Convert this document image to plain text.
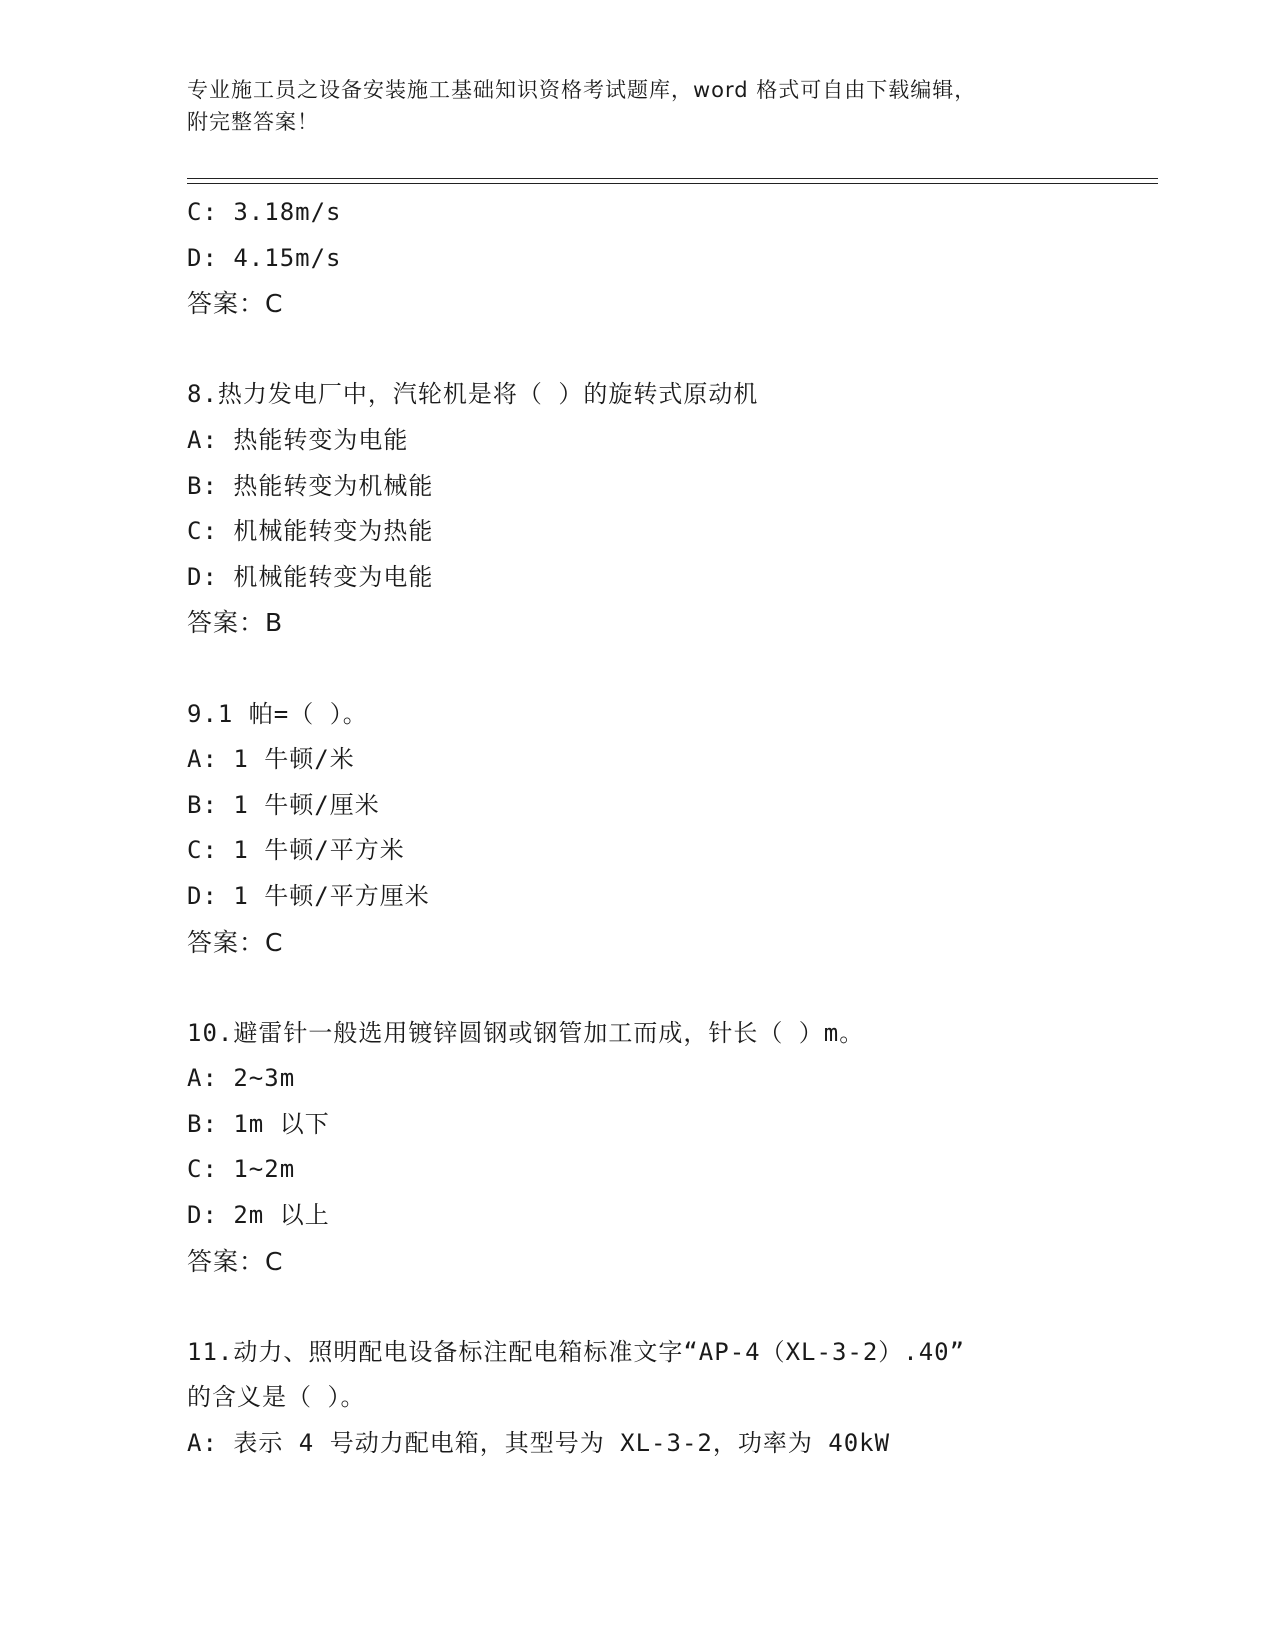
专业施工员之设备安装施工基础知识资格考试题库，word 格式可自由下载编辑，
附完整答案！
C: 3.18m/s
D: 4.15m/s
答案：C
8.热力发电厂中，汽轮机是将（ ）的旋转式原动机
A: 热能转变为电能
B: 热能转变为机械能
C: 机械能转变为热能
D: 机械能转变为电能
答案：B
9.1 帕=（ ）。
A: 1 牛顿/米
B: 1 牛顿/厘米
C: 1 牛顿/平方米
D: 1 牛顿/平方厘米
答案：C
10.避雷针一般选用镀锌圆钢或钢管加工而成，针长（ ）m。
A: 2~3m
B: 1m 以下
C: 1~2m
D: 2m 以上
答案：C
11.动力、照明配电设备标注配电箱标准文字“AP-4（XL-3-2）.40”
的含义是（ ）。
A: 表示 4 号动力配电箱，其型号为 XL-3-2，功率为 40kW
